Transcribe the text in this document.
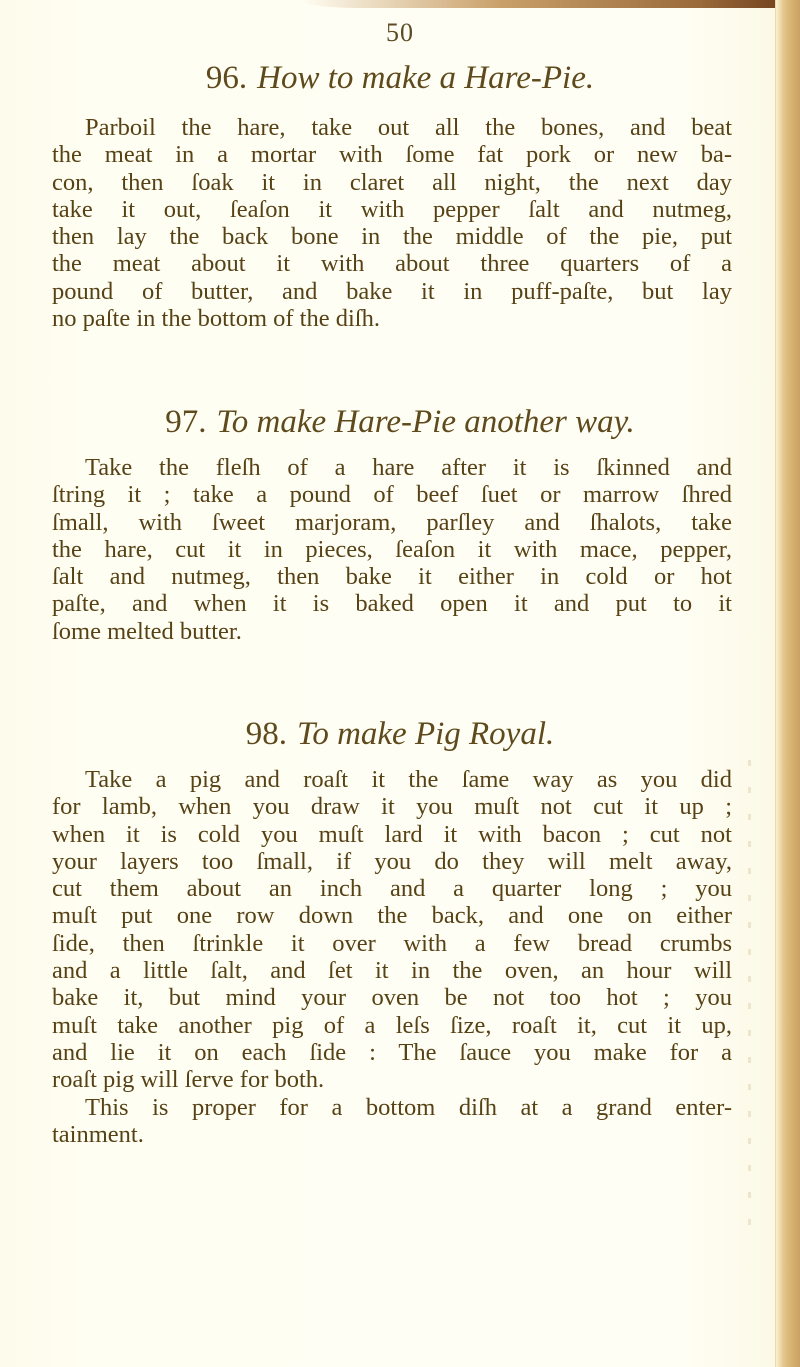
50
96. How to make a Hare-Pie.
Parboil the hare, take out all the bones, and beat
the meat in a mortar with ſome fat pork or new ba-
con, then ſoak it in claret all night, the next day
take it out, ſeaſon it with pepper ſalt and nutmeg,
then lay the back bone in the middle of the pie, put
the meat about it with about three quarters of a
pound of butter, and bake it in puff-paſte, but lay
no paſte in the bottom of the diſh.
97. To make Hare-Pie another way.
Take the fleſh of a hare after it is ſkinned and
ſtring it ; take a pound of beef ſuet or marrow ſhred
ſmall, with ſweet marjoram, parſley and ſhalots, take
the hare, cut it in pieces, ſeaſon it with mace, pepper,
ſalt and nutmeg, then bake it either in cold or hot
paſte, and when it is baked open it and put to it
ſome melted butter.
98. To make Pig Royal.
Take a pig and roaſt it the ſame way as you did
for lamb, when you draw it you muſt not cut it up ;
when it is cold you muſt lard it with bacon ; cut not
your layers too ſmall, if you do they will melt away,
cut them about an inch and a quarter long ; you
muſt put one row down the back, and one on either
ſide, then ſtrinkle it over with a few bread crumbs
and a little ſalt, and ſet it in the oven, an hour will
bake it, but mind your oven be not too hot ; you
muſt take another pig of a leſs ſize, roaſt it, cut it up,
and lie it on each ſide : The ſauce you make for a
roaſt pig will ſerve for both.
This is proper for a bottom diſh at a grand enter-
tainment.
